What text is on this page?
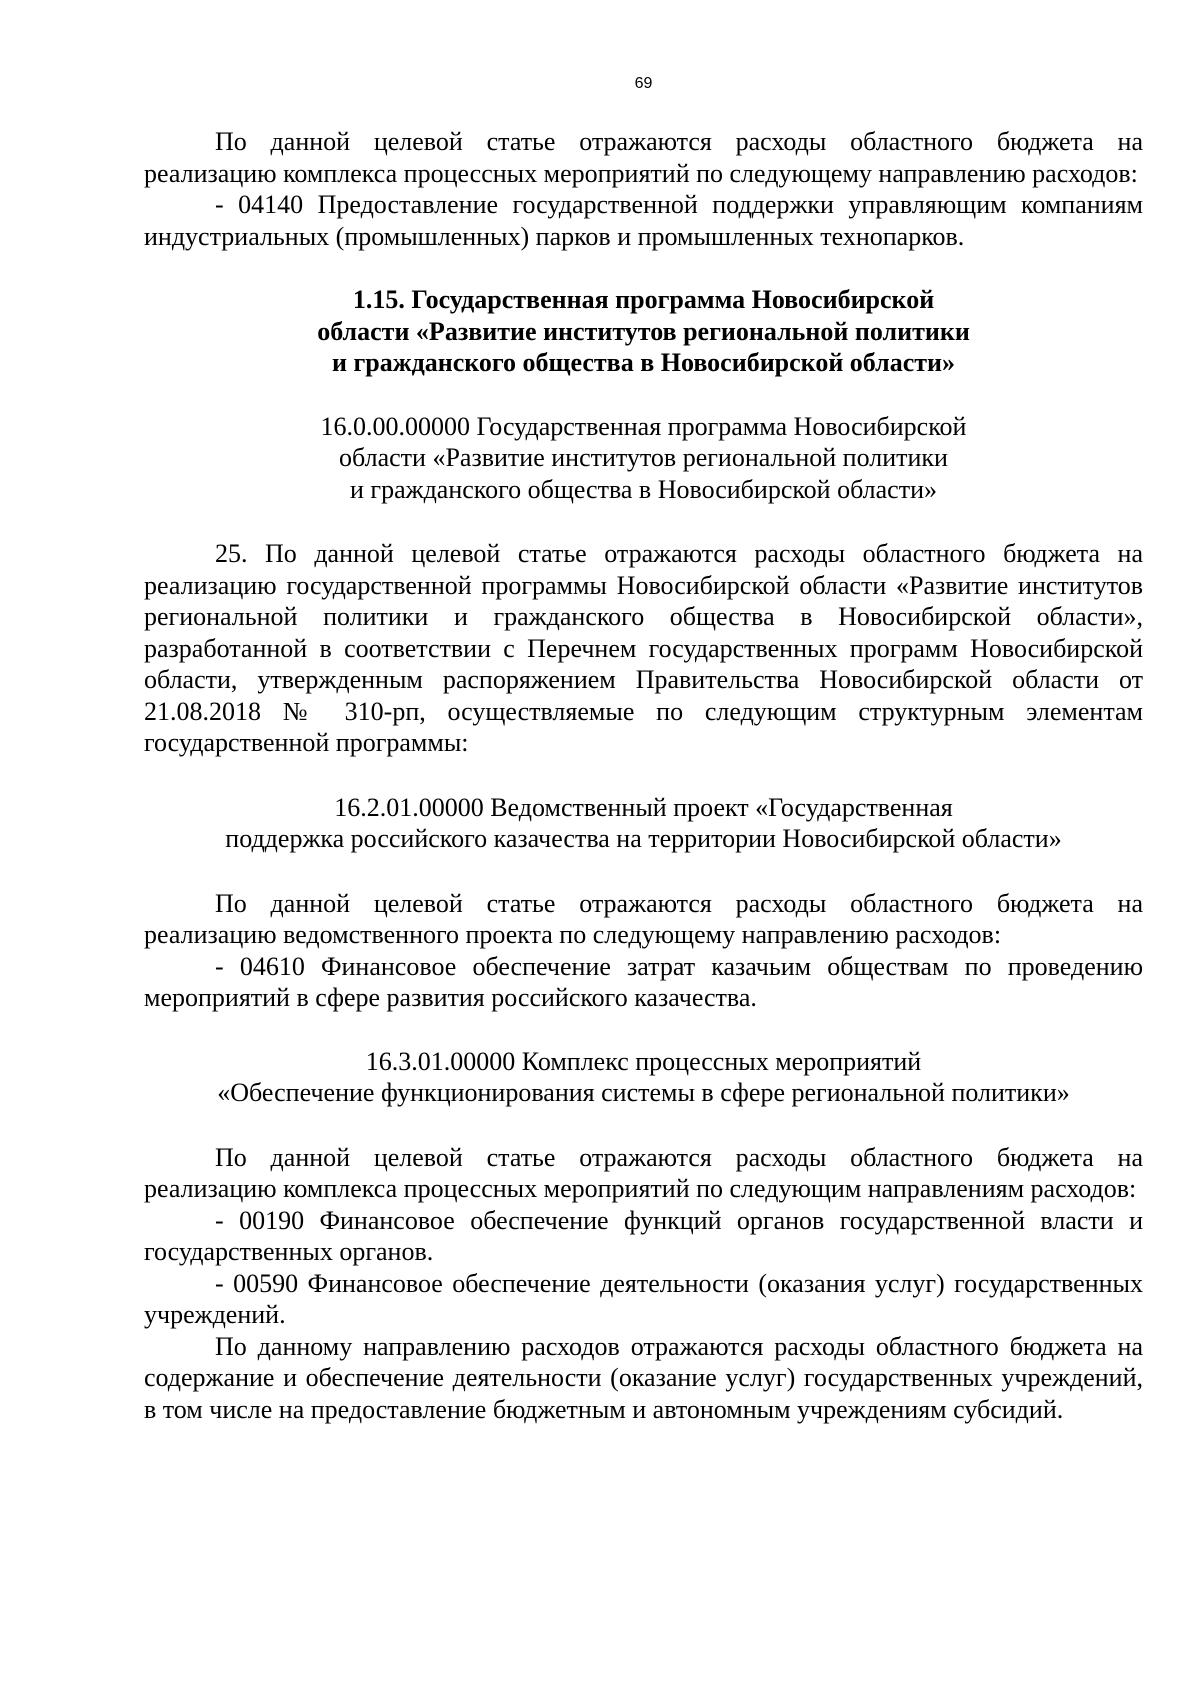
69

По данной целевой статье отражаются расходы областного бюджета на реализацию комплекса процессных мероприятий по следующему направлению расходов:

- 04140 Предоставление государственной поддержки управляющим компаниям индустриальных (промышленных) парков и промышленных технопарков.

1.15. Государственная программа Новосибирской
области «Развитие институтов региональной политики
и гражданского общества в Новосибирской области»

16.0.00.00000 Государственная программа Новосибирской
области «Развитие институтов региональной политики
и гражданского общества в Новосибирской области»

25. По данной целевой статье отражаются расходы областного бюджета на реализацию государственной программы Новосибирской области «Развитие институтов региональной политики и гражданского общества в Новосибирской области», разработанной в соответствии с Перечнем государственных программ Новосибирской области, утвержденным распоряжением Правительства Новосибирской области от 21.08.2018 № 310-рп, осуществляемые по следующим структурным элементам государственной программы:

16.2.01.00000 Ведомственный проект «Государственная
поддержка российского казачества на территории Новосибирской области»

По данной целевой статье отражаются расходы областного бюджета на реализацию ведомственного проекта по следующему направлению расходов:

- 04610 Финансовое обеспечение затрат казачьим обществам по проведению мероприятий в сфере развития российского казачества.

16.3.01.00000 Комплекс процессных мероприятий
«Обеспечение функционирования системы в сфере региональной политики»

По данной целевой статье отражаются расходы областного бюджета на реализацию комплекса процессных мероприятий по следующим направлениям расходов:

- 00190 Финансовое обеспечение функций органов государственной власти и государственных органов.

- 00590 Финансовое обеспечение деятельности (оказания услуг) государственных учреждений.

По данному направлению расходов отражаются расходы областного бюджета на содержание и обеспечение деятельности (оказание услуг) государственных учреждений, в том числе на предоставление бюджетным и автономным учреждениям субсидий.
